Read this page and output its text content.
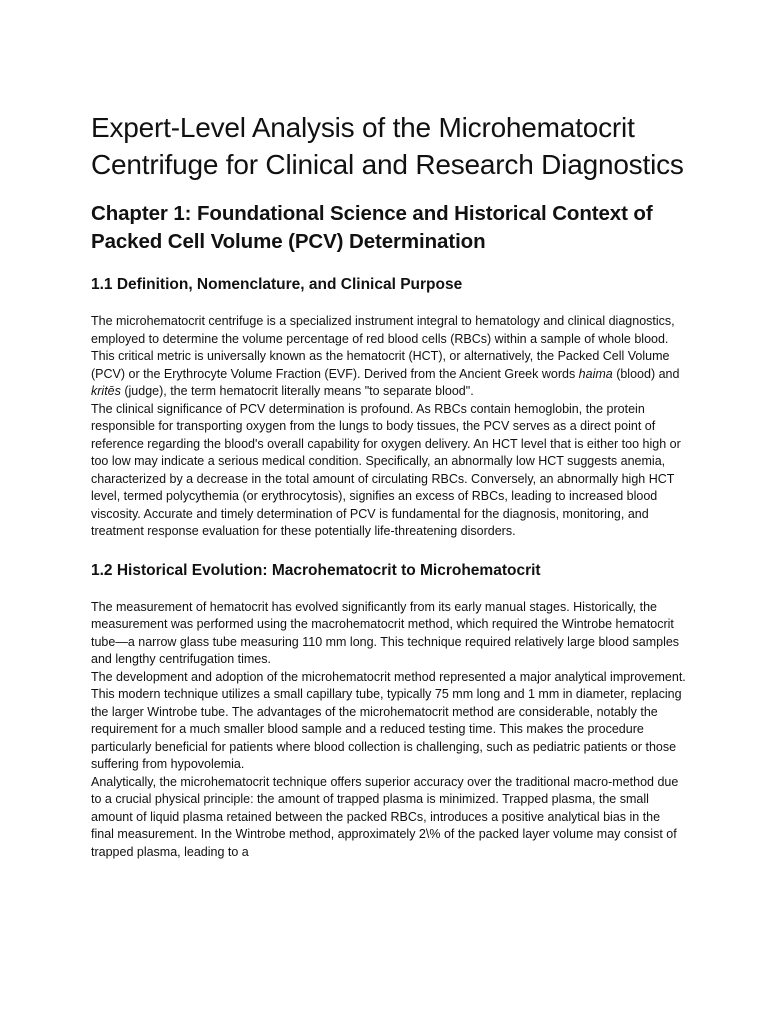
Expert-Level Analysis of the Microhematocrit Centrifuge for Clinical and Research Diagnostics
Chapter 1: Foundational Science and Historical Context of Packed Cell Volume (PCV) Determination
1.1 Definition, Nomenclature, and Clinical Purpose

The microhematocrit centrifuge is a specialized instrument integral to hematology and clinical diagnostics, employed to determine the volume percentage of red blood cells (RBCs) within a sample of whole blood. This critical metric is universally known as the hematocrit (HCT), or alternatively, the Packed Cell Volume (PCV) or the Erythrocyte Volume Fraction (EVF). Derived from the Ancient Greek words haima (blood) and kritēs (judge), the term hematocrit literally means "to separate blood".

The clinical significance of PCV determination is profound. As RBCs contain hemoglobin, the protein responsible for transporting oxygen from the lungs to body tissues, the PCV serves as a direct point of reference regarding the blood's overall capability for oxygen delivery. An HCT level that is either too high or too low may indicate a serious medical condition. Specifically, an abnormally low HCT suggests anemia, characterized by a decrease in the total amount of circulating RBCs. Conversely, an abnormally high HCT level, termed polycythemia (or erythrocytosis), signifies an excess of RBCs, leading to increased blood viscosity. Accurate and timely determination of PCV is fundamental for the diagnosis, monitoring, and treatment response evaluation for these potentially life-threatening disorders.

1.2 Historical Evolution: Macrohematocrit to Microhematocrit

The measurement of hematocrit has evolved significantly from its early manual stages. Historically, the measurement was performed using the macrohematocrit method, which required the Wintrobe hematocrit tube—a narrow glass tube measuring 110 mm long. This technique required relatively large blood samples and lengthy centrifugation times.

The development and adoption of the microhematocrit method represented a major analytical improvement. This modern technique utilizes a small capillary tube, typically 75 mm long and 1 mm in diameter, replacing the larger Wintrobe tube. The advantages of the microhematocrit method are considerable, notably the requirement for a much smaller blood sample and a reduced testing time. This makes the procedure particularly beneficial for patients where blood collection is challenging, such as pediatric patients or those suffering from hypovolemia.

Analytically, the microhematocrit technique offers superior accuracy over the traditional macro-method due to a crucial physical principle: the amount of trapped plasma is minimized. Trapped plasma, the small amount of liquid plasma retained between the packed RBCs, introduces a positive analytical bias in the final measurement. In the Wintrobe method, approximately 2\% of the packed layer volume may consist of trapped plasma, leading to a
